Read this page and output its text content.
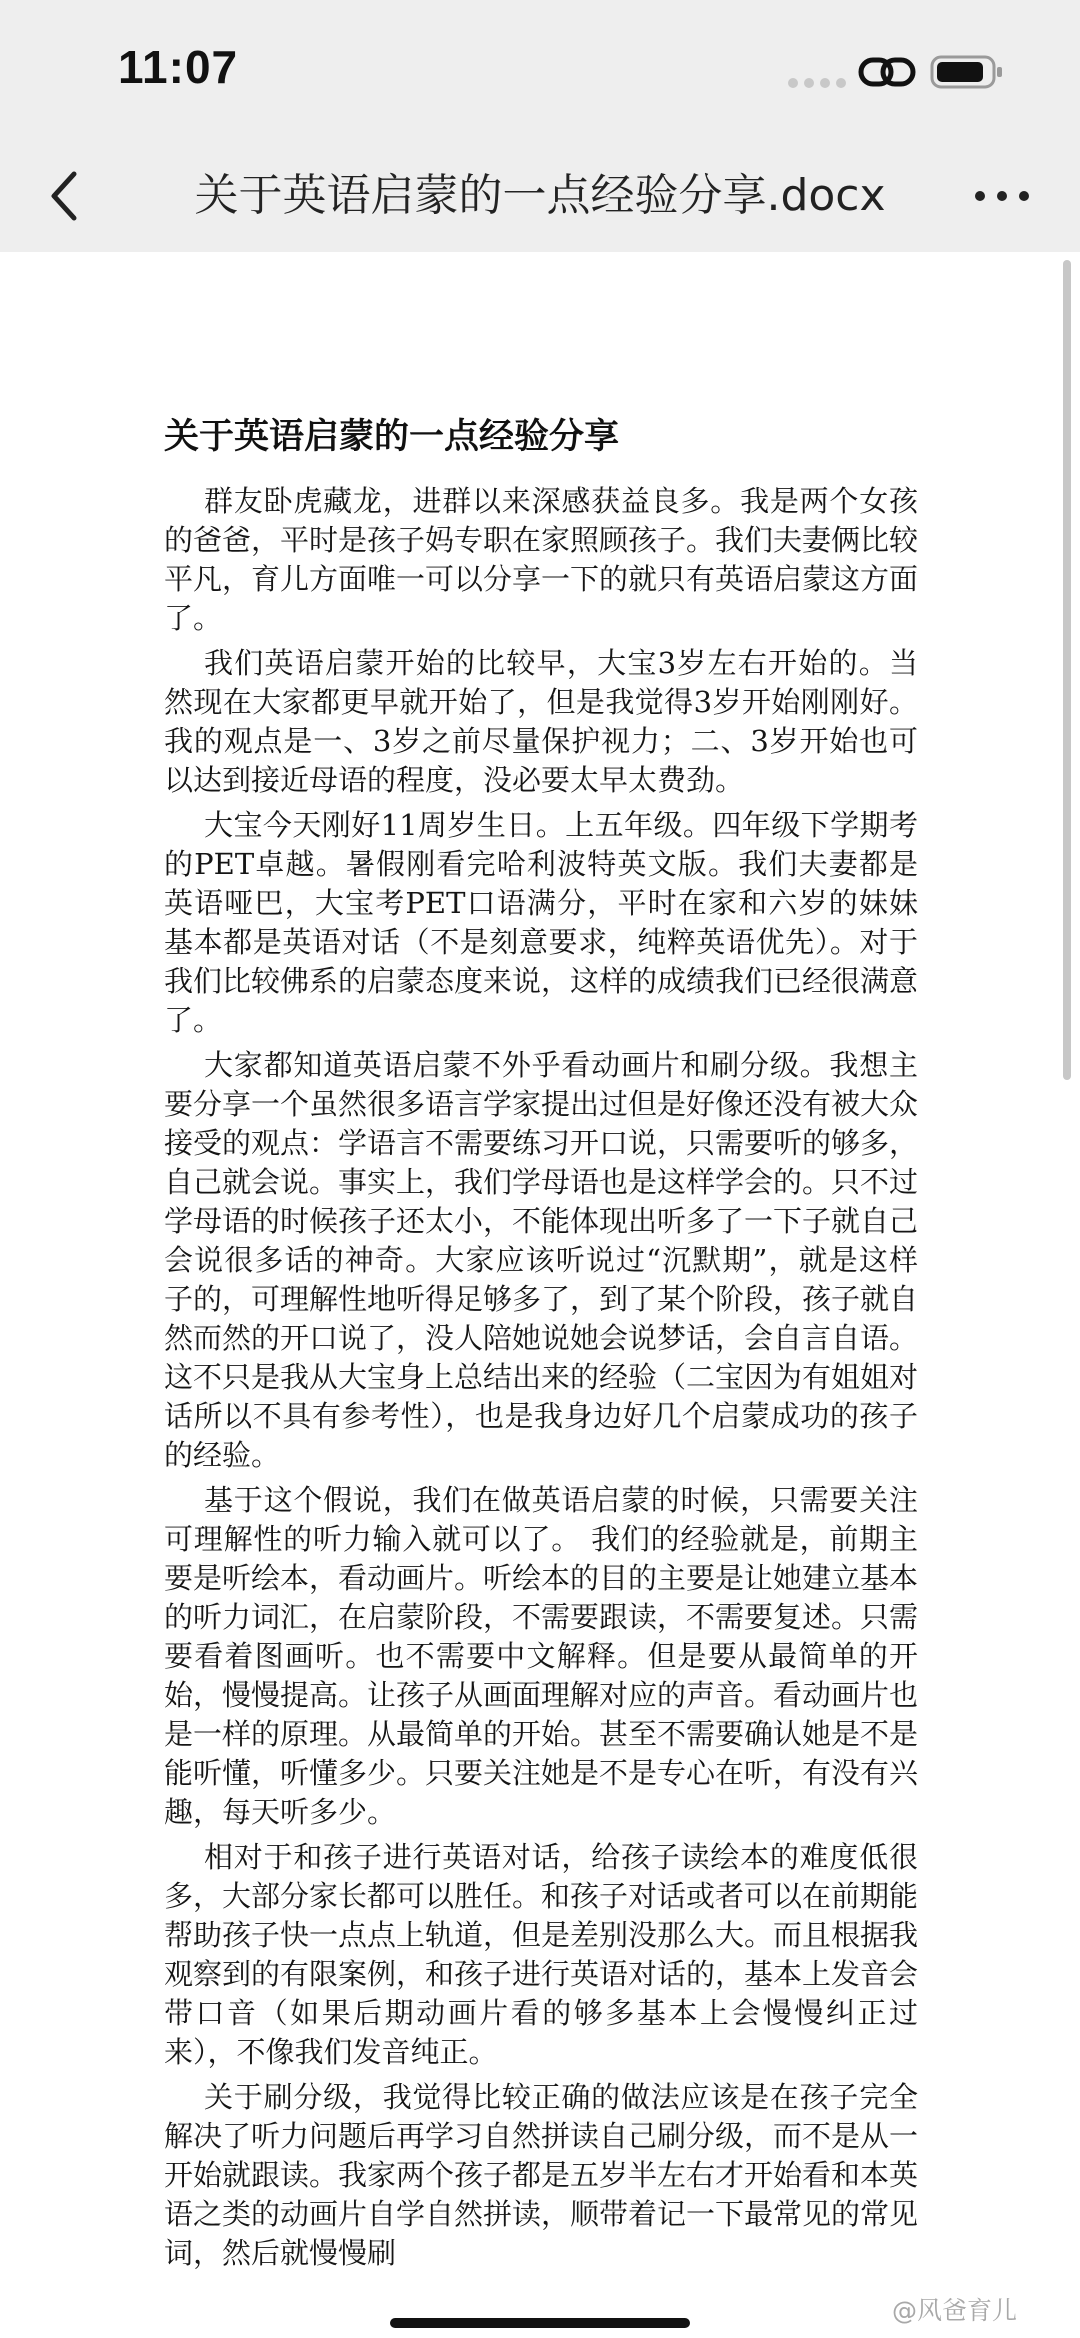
11:07
关于英语启蒙的一点经验分享.docx
关于英语启蒙的一点经验分享

群友卧虎藏龙，进群以来深感获益良多。我是两个女孩的爸爸，平时是孩子妈专职在家照顾孩子。我们夫妻俩比较平凡，育儿方面唯一可以分享一下的就只有英语启蒙这方面了。

我们英语启蒙开始的比较早，大宝3岁左右开始的。当然现在大家都更早就开始了，但是我觉得3岁开始刚刚好。我的观点是一、3岁之前尽量保护视力；二、3岁开始也可以达到接近母语的程度，没必要太早太费劲。

大宝今天刚好11周岁生日。上五年级。四年级下学期考的PET卓越。暑假刚看完哈利波特英文版。我们夫妻都是英语哑巴，大宝考PET口语满分，平时在家和六岁的妹妹基本都是英语对话（不是刻意要求，纯粹英语优先）。对于我们比较佛系的启蒙态度来说，这样的成绩我们已经很满意了。

大家都知道英语启蒙不外乎看动画片和刷分级。我想主要分享一个虽然很多语言学家提出过但是好像还没有被大众接受的观点：学语言不需要练习开口说，只需要听的够多，自己就会说。事实上，我们学母语也是这样学会的。只不过学母语的时候孩子还太小，不能体现出听多了一下子就自己会说很多话的神奇。大家应该听说过“沉默期”，就是这样子的，可理解性地听得足够多了，到了某个阶段，孩子就自然而然的开口说了，没人陪她说她会说梦话，会自言自语。这不只是我从大宝身上总结出来的经验（二宝因为有姐姐对话所以不具有参考性），也是我身边好几个启蒙成功的孩子的经验。

基于这个假说，我们在做英语启蒙的时候，只需要关注可理解性的听力输入就可以了。 我们的经验就是，前期主要是听绘本，看动画片。听绘本的目的主要是让她建立基本的听力词汇，在启蒙阶段，不需要跟读，不需要复述。只需要看着图画听。也不需要中文解释。但是要从最简单的开始，慢慢提高。让孩子从画面理解对应的声音。看动画片也是一样的原理。从最简单的开始。甚至不需要确认她是不是能听懂，听懂多少。只要关注她是不是专心在听，有没有兴趣，每天听多少。

相对于和孩子进行英语对话，给孩子读绘本的难度低很多，大部分家长都可以胜任。和孩子对话或者可以在前期能帮助孩子快一点点上轨道，但是差别没那么大。而且根据我观察到的有限案例，和孩子进行英语对话的，基本上发音会带口音（如果后期动画片看的够多基本上会慢慢纠正过来），不像我们发音纯正。

关于刷分级，我觉得比较正确的做法应该是在孩子完全解决了听力问题后再学习自然拼读自己刷分级，而不是从一开始就跟读。我家两个孩子都是五岁半左右才开始看和本英语之类的动画片自学自然拼读，顺带着记一下最常见的常见词，然后就慢慢刷

@风爸育儿
